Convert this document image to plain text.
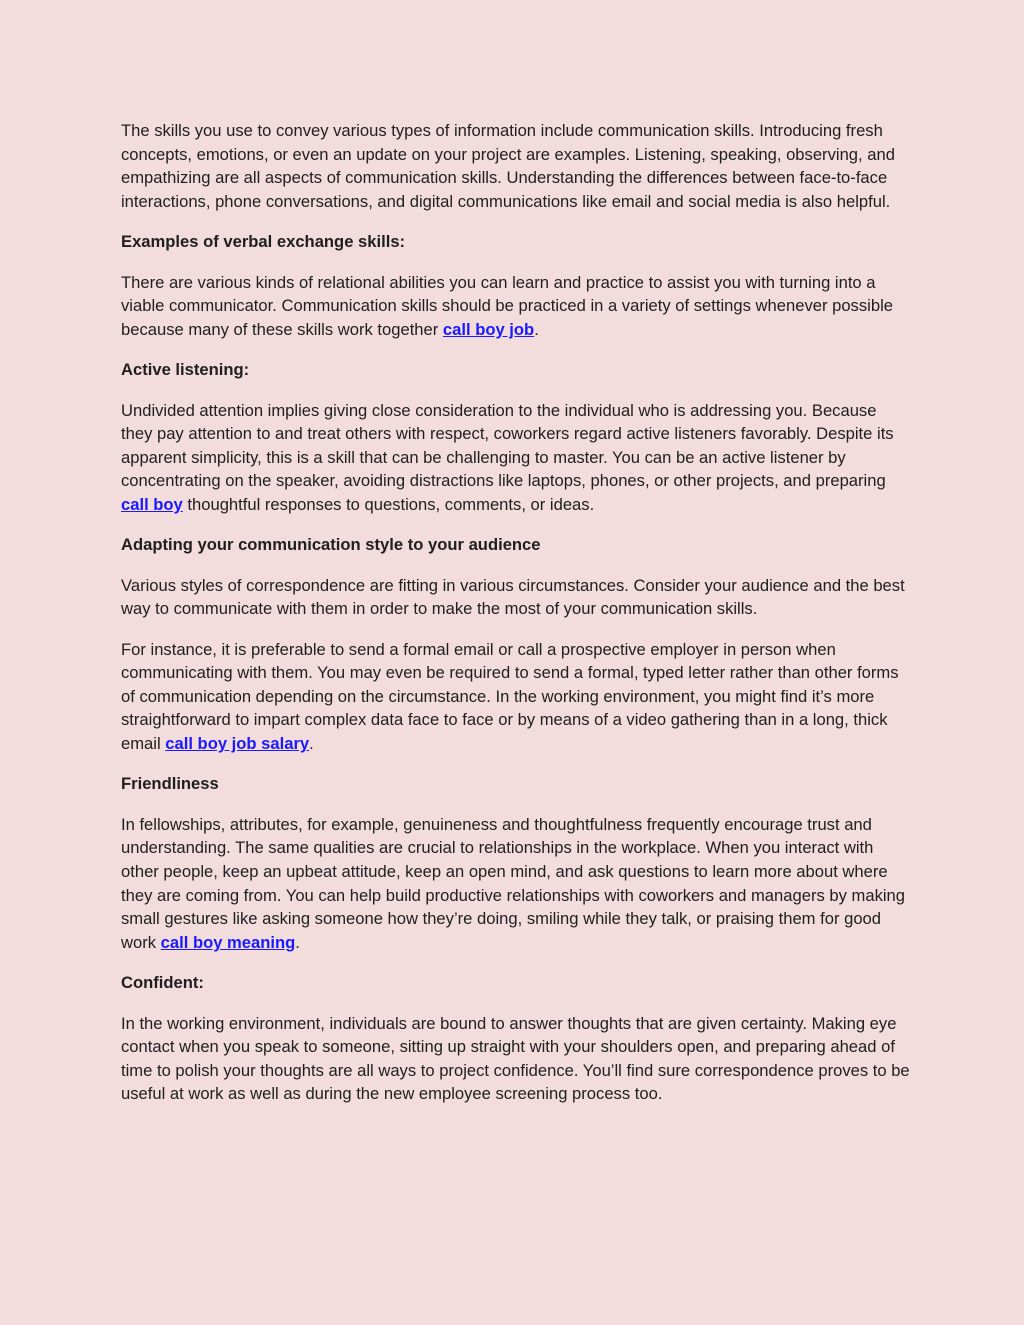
The skills you use to convey various types of information include communication skills. Introducing fresh concepts, emotions, or even an update on your project are examples. Listening, speaking, observing, and empathizing are all aspects of communication skills. Understanding the differences between face-to-face interactions, phone conversations, and digital communications like email and social media is also helpful.

Examples of verbal exchange skills:

There are various kinds of relational abilities you can learn and practice to assist you with turning into a viable communicator. Communication skills should be practiced in a variety of settings whenever possible because many of these skills work together call boy job.

Active listening:

Undivided attention implies giving close consideration to the individual who is addressing you. Because they pay attention to and treat others with respect, coworkers regard active listeners favorably. Despite its apparent simplicity, this is a skill that can be challenging to master. You can be an active listener by concentrating on the speaker, avoiding distractions like laptops, phones, or other projects, and preparing call boy thoughtful responses to questions, comments, or ideas.

Adapting your communication style to your audience

Various styles of correspondence are fitting in various circumstances. Consider your audience and the best way to communicate with them in order to make the most of your communication skills.

For instance, it is preferable to send a formal email or call a prospective employer in person when communicating with them. You may even be required to send a formal, typed letter rather than other forms of communication depending on the circumstance. In the working environment, you might find it’s more straightforward to impart complex data face to face or by means of a video gathering than in a long, thick email call boy job salary.

Friendliness

In fellowships, attributes, for example, genuineness and thoughtfulness frequently encourage trust and understanding. The same qualities are crucial to relationships in the workplace. When you interact with other people, keep an upbeat attitude, keep an open mind, and ask questions to learn more about where they are coming from. You can help build productive relationships with coworkers and managers by making small gestures like asking someone how they’re doing, smiling while they talk, or praising them for good work call boy meaning.

Confident:

In the working environment, individuals are bound to answer thoughts that are given certainty. Making eye contact when you speak to someone, sitting up straight with your shoulders open, and preparing ahead of time to polish your thoughts are all ways to project confidence. You’ll find sure correspondence proves to be useful at work as well as during the new employee screening process too.
